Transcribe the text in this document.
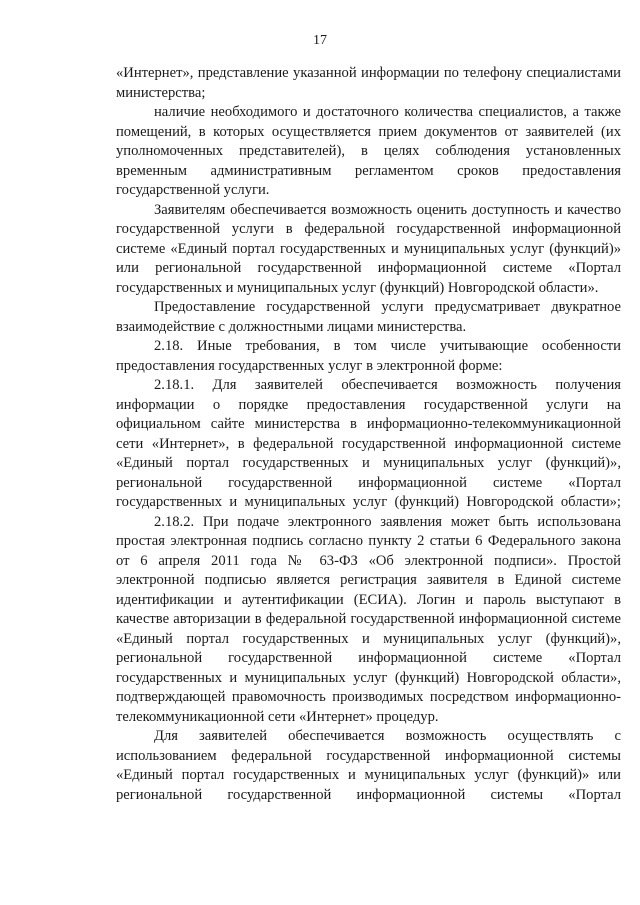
17

«Интернет», представление указанной информации по телефону специалистами министерства;

наличие необходимого и достаточного количества специалистов, а также помещений, в которых осуществляется прием документов от заявителей (их уполномоченных представителей), в целях соблюдения установленных временным административным регламентом сроков предоставления государственной услуги.

Заявителям обеспечивается возможность оценить доступность и качество государственной услуги в федеральной государственной информационной системе «Единый портал государственных и муниципальных услуг (функций)» или региональной государственной информационной системе «Портал государственных и муниципальных услуг (функций) Новгородской области».

Предоставление государственной услуги предусматривает двукратное взаимодействие с должностными лицами министерства.

2.18. Иные требования, в том числе учитывающие особенности предоставления государственных услуг в электронной форме:

2.18.1. Для заявителей обеспечивается возможность получения информации о порядке предоставления государственной услуги на официальном сайте министерства в информационно-телекоммуникационной сети «Интернет», в федеральной государственной информационной системе «Единый портал государственных и муниципальных услуг (функций)», региональной государственной информационной системе «Портал государственных и муниципальных услуг (функций) Новгородской области»;

2.18.2. При подаче электронного заявления может быть использована простая электронная подпись согласно пункту 2 статьи 6 Федерального закона от 6 апреля 2011 года № 63-ФЗ «Об электронной подписи». Простой электронной подписью является регистрация заявителя в Единой системе идентификации и аутентификации (ЕСИА). Логин и пароль выступают в качестве авторизации в федеральной государственной информационной системе «Единый портал государственных и муниципальных услуг (функций)», региональной государственной информационной системе «Портал государственных и муниципальных услуг (функций) Новгородской области», подтверждающей правомочность производимых посредством информационно-телекоммуникационной сети «Интернет» процедур.

Для заявителей обеспечивается возможность осуществлять с использованием федеральной государственной информационной системы «Единый портал государственных и муниципальных услуг (функций)» или региональной государственной информационной системы «Портал
